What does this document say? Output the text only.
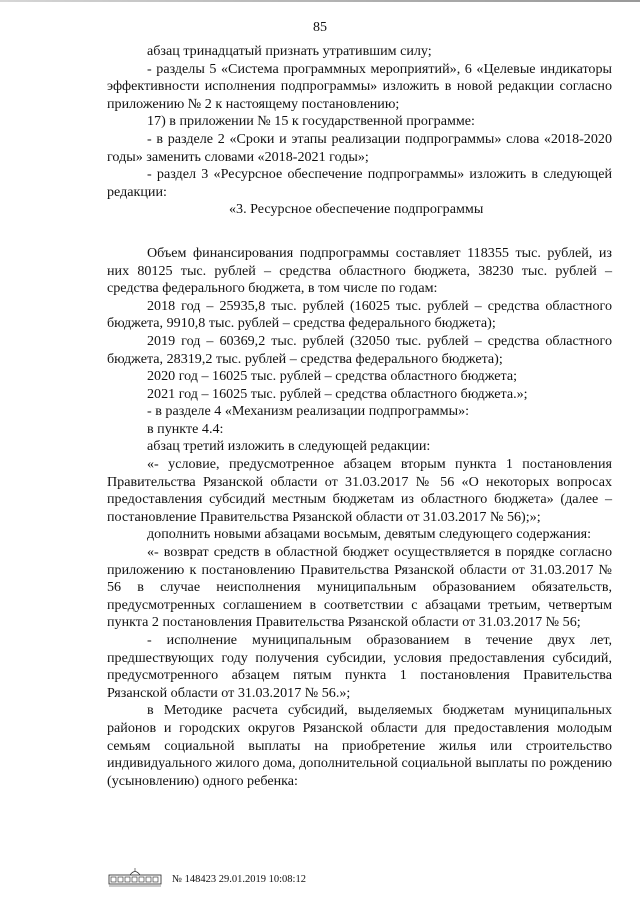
85

абзац тринадцатый признать утратившим силу;

- разделы 5 «Система программных мероприятий», 6 «Целевые индикаторы эффективности исполнения подпрограммы» изложить в новой редакции согласно приложению № 2 к настоящему постановлению;

17) в приложении № 15 к государственной программе:

- в разделе 2 «Сроки и этапы реализации подпрограммы» слова «2018-2020 годы» заменить словами «2018-2021 годы»;

- раздел 3 «Ресурсное обеспечение подпрограммы» изложить в следующей редакции:

«3. Ресурсное обеспечение подпрограммы

Объем финансирования подпрограммы составляет 118355 тыс. рублей, из них 80125 тыс. рублей – средства областного бюджета, 38230 тыс. рублей – средства федерального бюджета, в том числе по годам:

2018 год – 25935,8 тыс. рублей (16025 тыс. рублей – средства областного бюджета, 9910,8 тыс. рублей – средства федерального бюджета);

2019 год – 60369,2 тыс. рублей (32050 тыс. рублей – средства областного бюджета, 28319,2 тыс. рублей – средства федерального бюджета);

2020 год – 16025 тыс. рублей – средства областного бюджета;

2021 год – 16025 тыс. рублей – средства областного бюджета.»;

- в разделе 4 «Механизм реализации подпрограммы»:

в пункте 4.4:

абзац третий изложить в следующей редакции:

«- условие, предусмотренное абзацем вторым пункта 1 постановления Правительства Рязанской области от 31.03.2017 № 56 «О некоторых вопросах предоставления субсидий местным бюджетам из областного бюджета» (далее – постановление Правительства Рязанской области от 31.03.2017 № 56);»;

дополнить новыми абзацами восьмым, девятым следующего содержания:

«- возврат средств в областной бюджет осуществляется в порядке согласно приложению к постановлению Правительства Рязанской области от 31.03.2017 № 56 в случае неисполнения муниципальным образованием обязательств, предусмотренных соглашением в соответствии с абзацами третьим, четвертым пункта 2 постановления Правительства Рязанской области от 31.03.2017 № 56;

- исполнение муниципальным образованием в течение двух лет, предшествующих году получения субсидии, условия предоставления субсидий, предусмотренного абзацем пятым пункта 1 постановления Правительства Рязанской области от 31.03.2017 № 56.»;

в Методике расчета субсидий, выделяемых бюджетам муниципальных районов и городских округов Рязанской области для предоставления молодым семьям социальной выплаты на приобретение жилья или строительство индивидуального жилого дома, дополнительной социальной выплаты по рождению (усыновлению) одного ребенка:

№ 148423 29.01.2019 10:08:12
